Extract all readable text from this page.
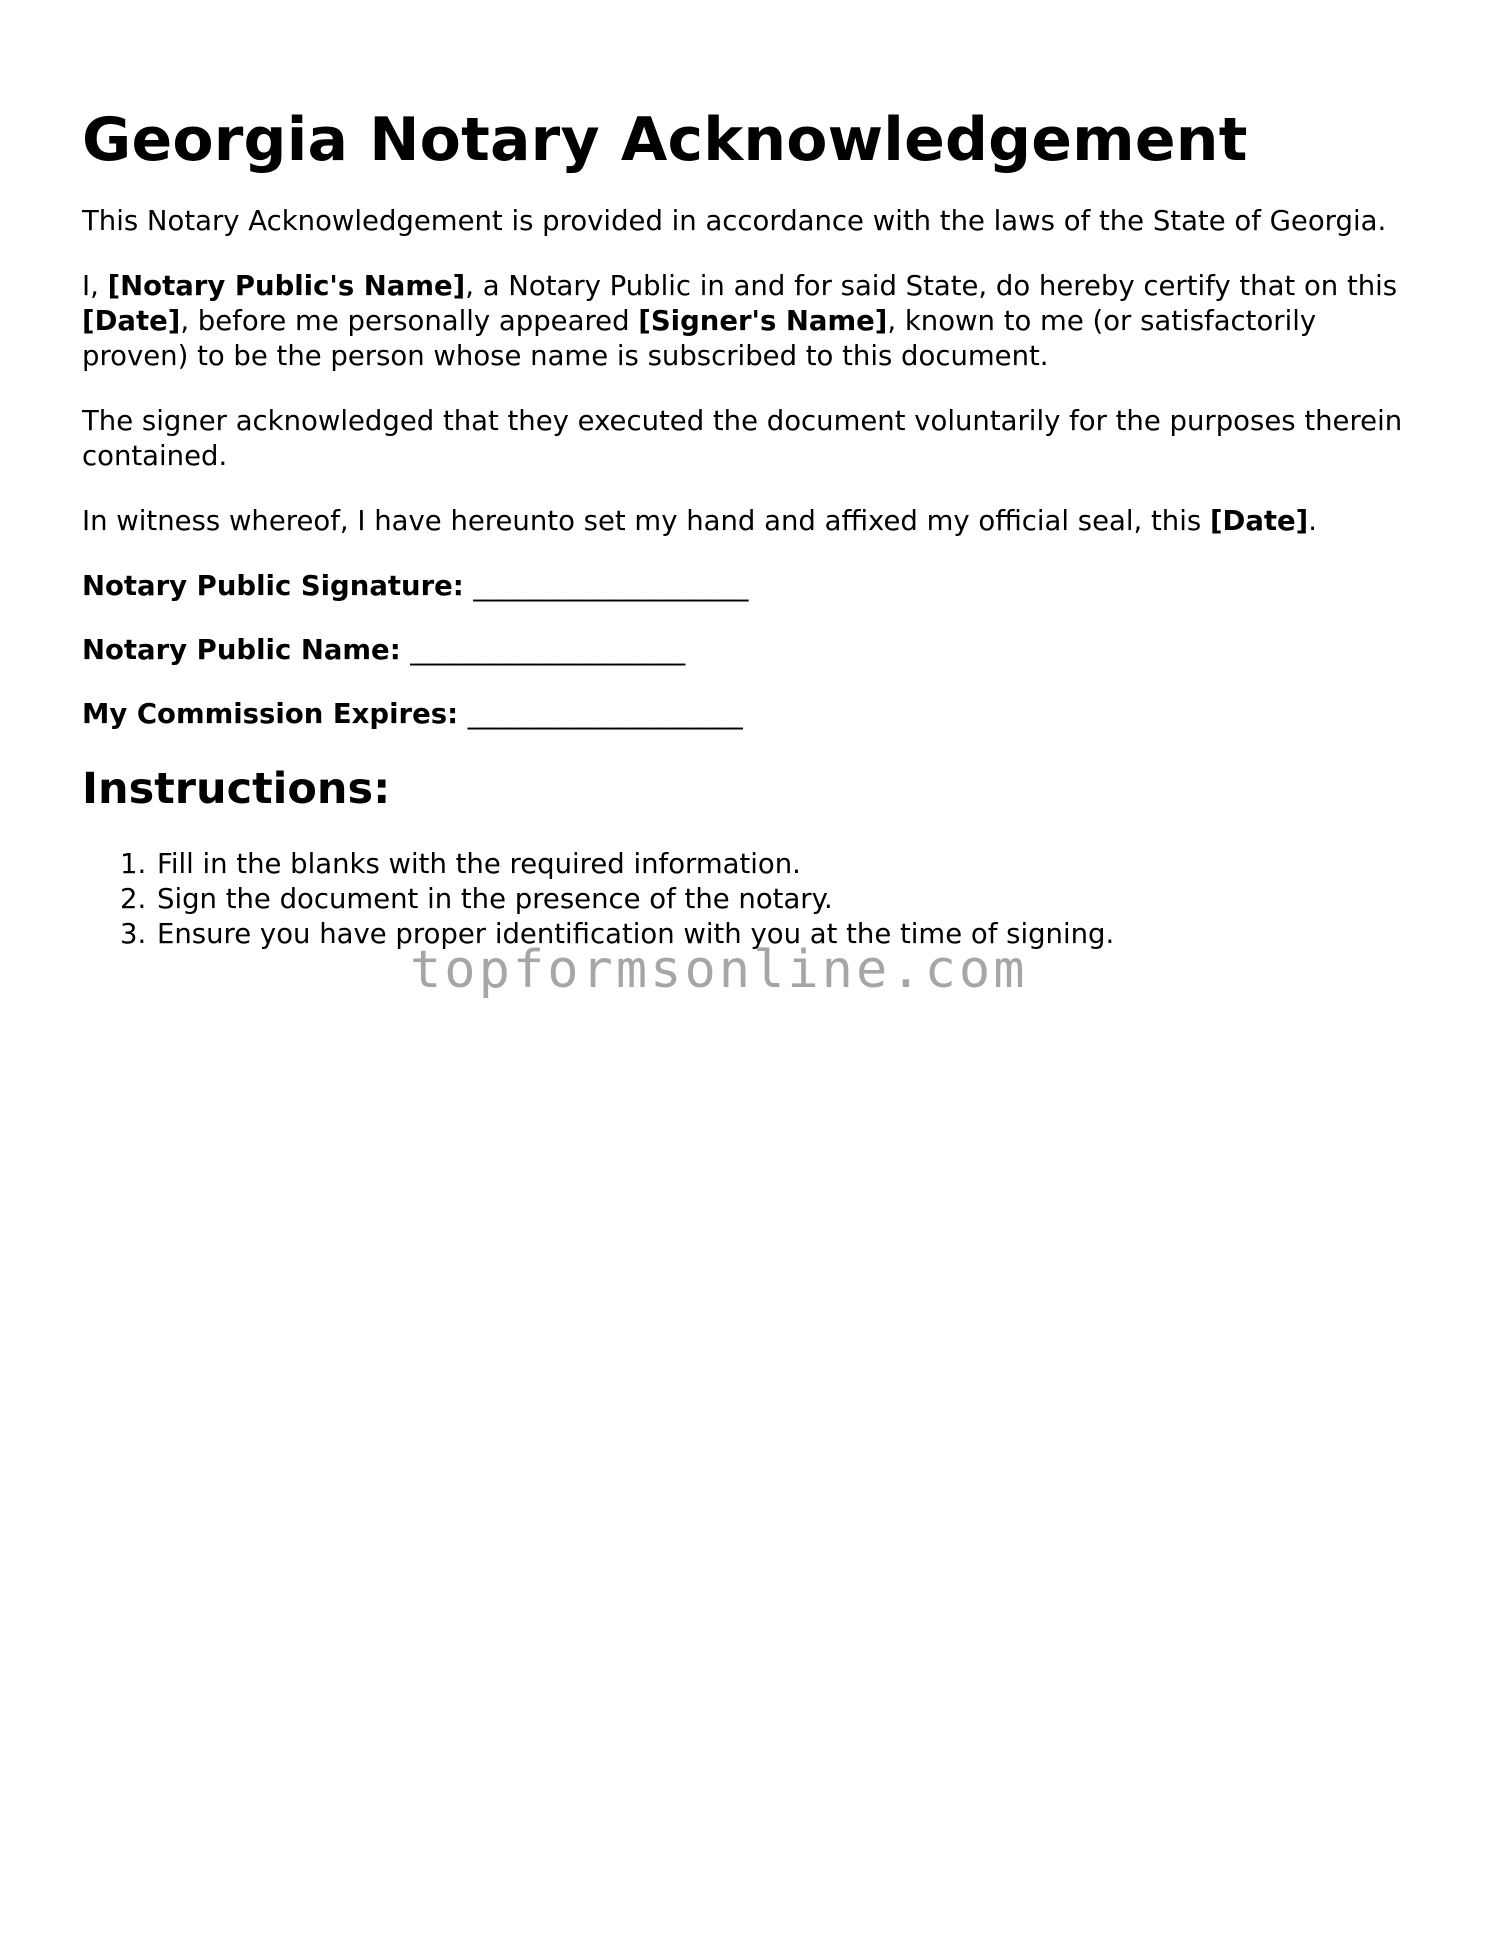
Georgia Notary Acknowledgement

This Notary Acknowledgement is provided in accordance with the laws of the State of Georgia.

I, [Notary Public's Name], a Notary Public in and for said State, do hereby certify that on this [Date], before me personally appeared [Signer's Name], known to me (or satisfactorily proven) to be the person whose name is subscribed to this document.

The signer acknowledged that they executed the document voluntarily for the purposes therein contained.

In witness whereof, I have hereunto set my hand and affixed my official seal, this [Date].

Notary Public Signature: ____________________
Notary Public Name: ____________________
My Commission Expires: ____________________
Instructions:
1. Fill in the blanks with the required information.
2. Sign the document in the presence of the notary.
3. Ensure you have proper identification with you at the time of signing.
topformsonline.com
